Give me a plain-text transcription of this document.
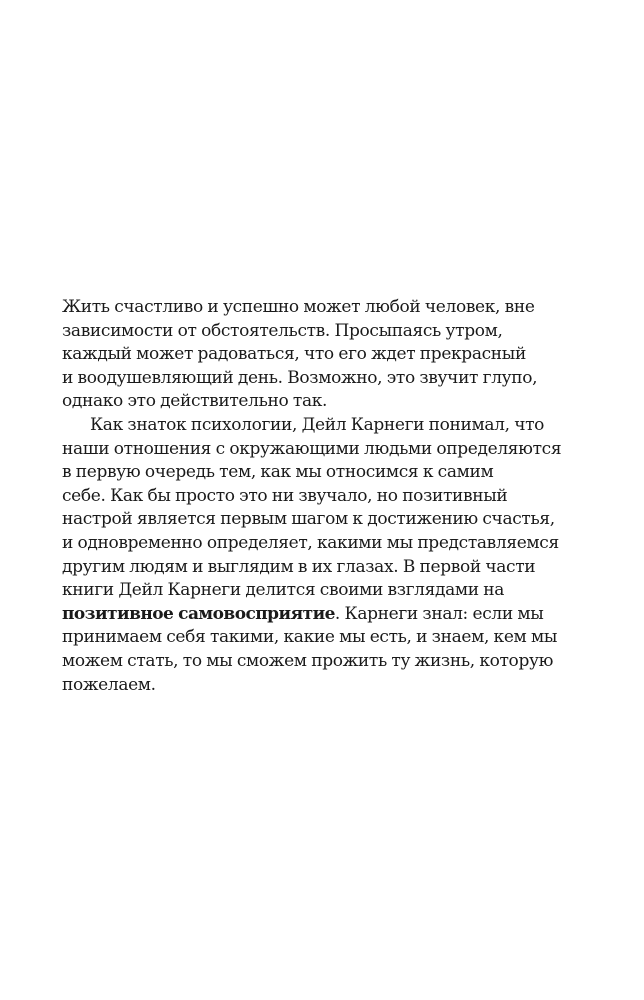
Жить счастливо и успешно может любой человек, вне
зависимости от обстоятельств. Просыпаясь утром,
каждый может радоваться, что его ждет прекрасный
и воодушевляющий день. Возможно, это звучит глупо,
однако это действительно так.
Как знаток психологии, Дейл Карнеги понимал, что
наши отношения с окружающими людьми определяются
в первую очередь тем, как мы относимся к самим
себе. Как бы просто это ни звучало, но позитивный
настрой является первым шагом к достижению счастья,
и одновременно определяет, какими мы представляемся
другим людям и выглядим в их глазах. В первой части
книги Дейл Карнеги делится своими взглядами на
позитивное самовосприятие. Карнеги знал: если мы
принимаем себя такими, какие мы есть, и знаем, кем мы
можем стать, то мы сможем прожить ту жизнь, которую
пожелаем.
